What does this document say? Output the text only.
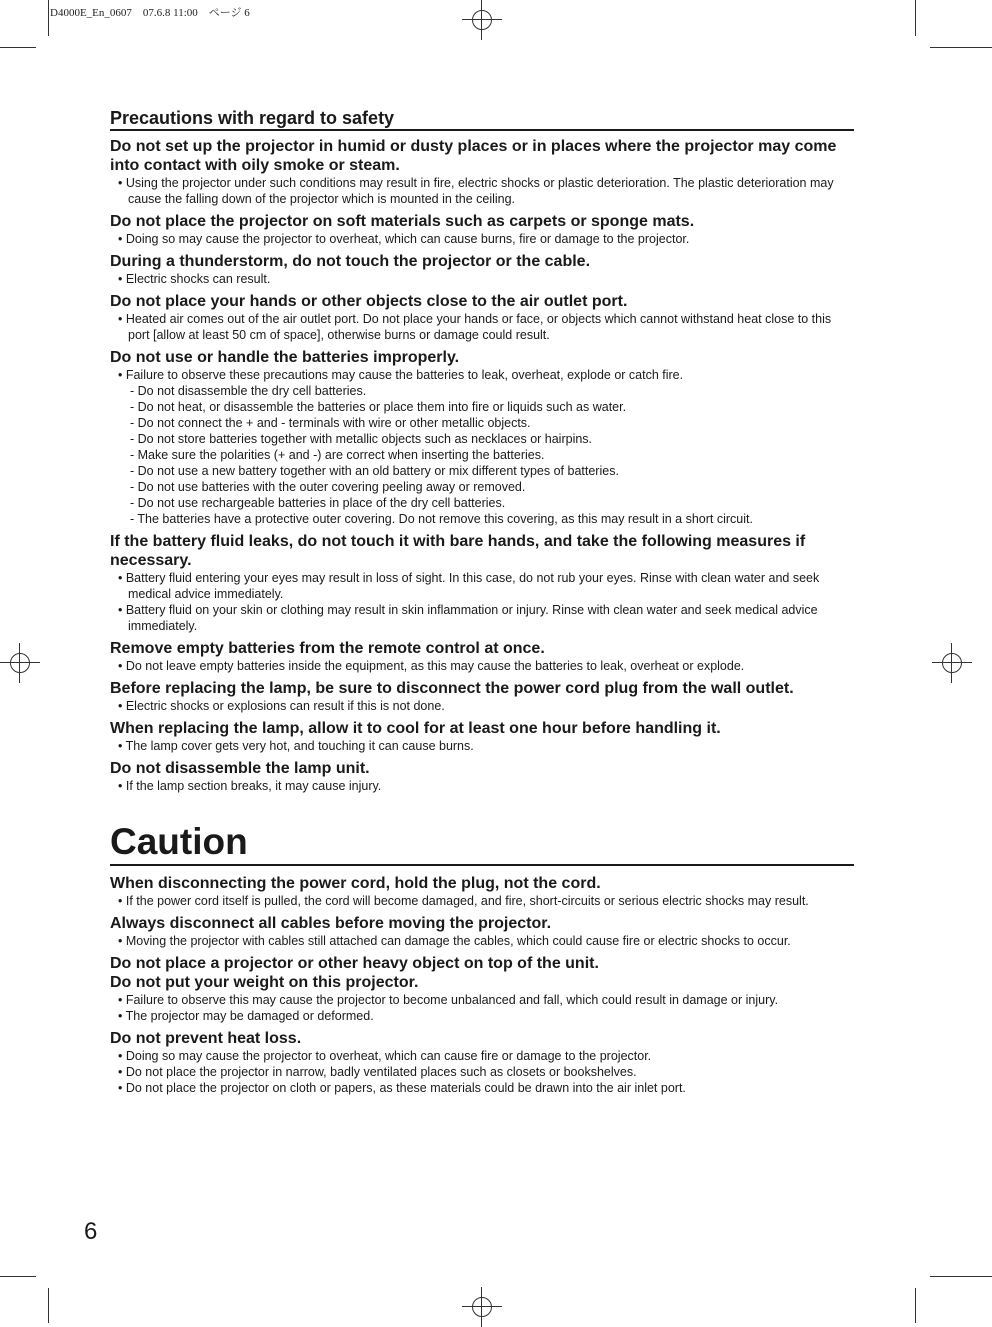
D4000E_En_0607　07.6.8 11:00　ページ 6
Precautions with regard to safety

Do not set up the projector in humid or dusty places or in places where the projector may come into contact with oily smoke or steam.

• Using the projector under such conditions may result in fire, electric shocks or plastic deterioration. The plastic deterioration may cause the falling down of the projector which is mounted in the ceiling.

Do not place the projector on soft materials such as carpets or sponge mats.

• Doing so may cause the projector to overheat, which can cause burns, fire or damage to the projector.

During a thunderstorm, do not touch the projector or the cable.

• Electric shocks can result.

Do not place your hands or other objects close to the air outlet port.

• Heated air comes out of the air outlet port. Do not place your hands or face, or objects which cannot withstand heat close to this port [allow at least 50 cm of space], otherwise burns or damage could result.

Do not use or handle the batteries improperly.

• Failure to observe these precautions may cause the batteries to leak, overheat, explode or catch fire.

- Do not disassemble the dry cell batteries.

- Do not heat, or disassemble the batteries or place them into fire or liquids such as water.

- Do not connect the + and - terminals with wire or other metallic objects.

- Do not store batteries together with metallic objects such as necklaces or hairpins.

- Make sure the polarities (+ and -) are correct when inserting the batteries.

- Do not use a new battery together with an old battery or mix different types of batteries.

- Do not use batteries with the outer covering peeling away or removed.

- Do not use rechargeable batteries in place of the dry cell batteries.

- The batteries have a protective outer covering. Do not remove this covering, as this may result in a short circuit.

If the battery fluid leaks, do not touch it with bare hands, and take the following measures if necessary.

• Battery fluid entering your eyes may result in loss of sight. In this case, do not rub your eyes. Rinse with clean water and seek medical advice immediately.

• Battery fluid on your skin or clothing may result in skin inflammation or injury. Rinse with clean water and seek medical advice immediately.

Remove empty batteries from the remote control at once.

• Do not leave empty batteries inside the equipment, as this may cause the batteries to leak, overheat or explode.

Before replacing the lamp, be sure to disconnect the power cord plug from the wall outlet.

• Electric shocks or explosions can result if this is not done.

When replacing the lamp, allow it to cool for at least one hour before handling it.

• The lamp cover gets very hot, and touching it can cause burns.

Do not disassemble the lamp unit.

• If the lamp section breaks, it may cause injury.

Caution

When disconnecting the power cord, hold the plug, not the cord.

• If the power cord itself is pulled, the cord will become damaged, and fire, short-circuits or serious electric shocks may result.

Always disconnect all cables before moving the projector.

• Moving the projector with cables still attached can damage the cables, which could cause fire or electric shocks to occur.

Do not place a projector or other heavy object on top of the unit.

Do not put your weight on this projector.

• Failure to observe this may cause the projector to become unbalanced and fall, which could result in damage or injury.

• The projector may be damaged or deformed.

Do not prevent heat loss.

• Doing so may cause the projector to overheat, which can cause fire or damage to the projector.

• Do not place the projector in narrow, badly ventilated places such as closets or bookshelves.

• Do not place the projector on cloth or papers, as these materials could be drawn into the air inlet port.

6
